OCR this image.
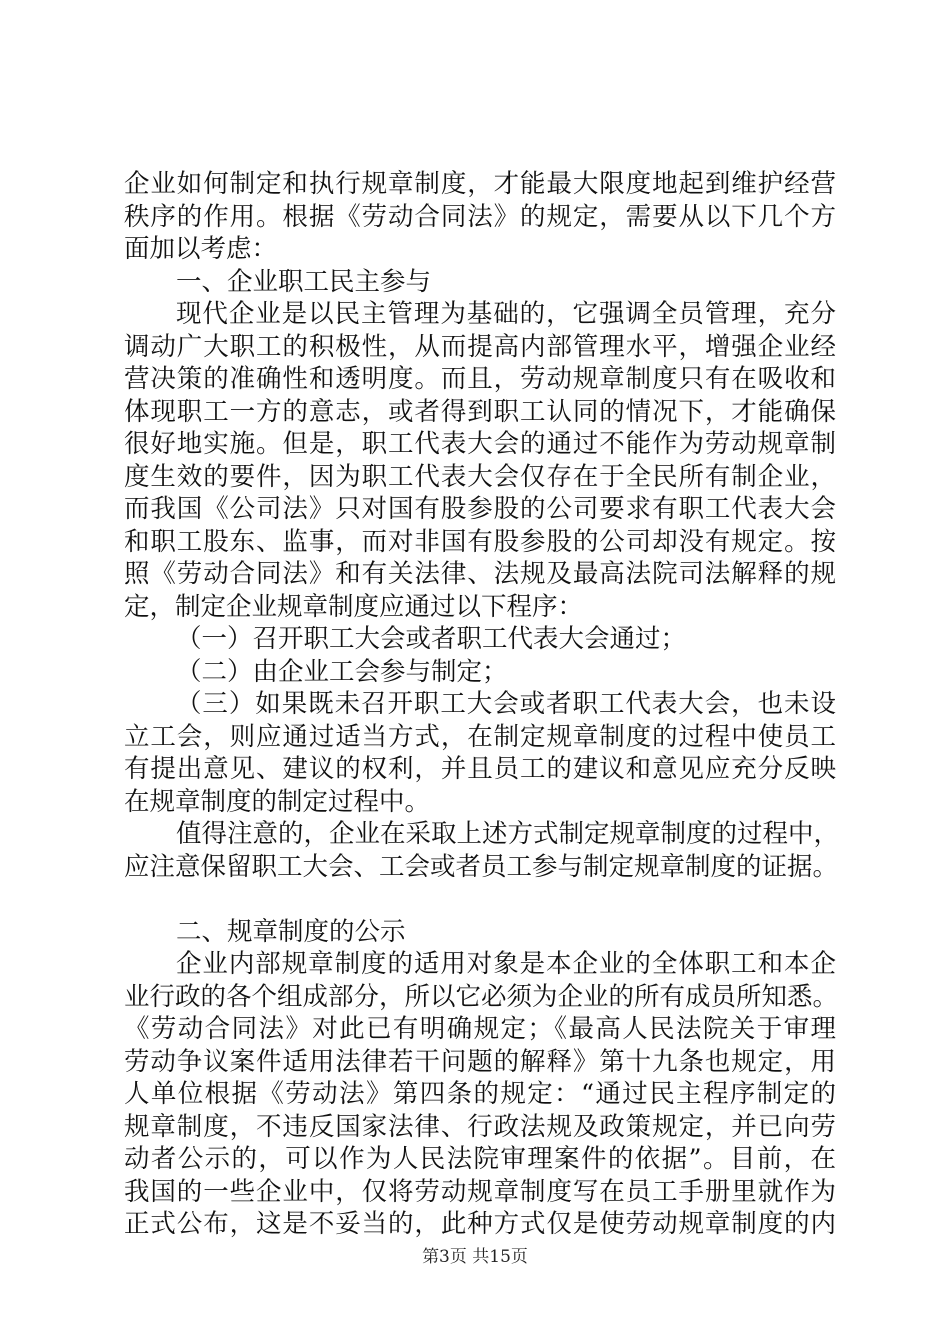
企业如何制定和执行规章制度，才能最大限度地起到维护经营
秩序的作用。根据《劳动合同法》的规定，需要从以下几个方
面加以考虑：
一、企业职工民主参与
现代企业是以民主管理为基础的，它强调全员管理，充分
调动广大职工的积极性，从而提高内部管理水平，增强企业经
营决策的准确性和透明度。而且，劳动规章制度只有在吸收和
体现职工一方的意志，或者得到职工认同的情况下，才能确保
很好地实施。但是，职工代表大会的通过不能作为劳动规章制
度生效的要件，因为职工代表大会仅存在于全民所有制企业，
而我国《公司法》只对国有股参股的公司要求有职工代表大会
和职工股东、监事，而对非国有股参股的公司却没有规定。按
照《劳动合同法》和有关法律、法规及最高法院司法解释的规
定，制定企业规章制度应通过以下程序：
（一）召开职工大会或者职工代表大会通过；
（二）由企业工会参与制定；
（三）如果既未召开职工大会或者职工代表大会，也未设
立工会，则应通过适当方式，在制定规章制度的过程中使员工
有提出意见、建议的权利，并且员工的建议和意见应充分反映
在规章制度的制定过程中。
值得注意的，企业在采取上述方式制定规章制度的过程中，
应注意保留职工大会、工会或者员工参与制定规章制度的证据。
二、规章制度的公示
企业内部规章制度的适用对象是本企业的全体职工和本企
业行政的各个组成部分，所以它必须为企业的所有成员所知悉。
《劳动合同法》对此已有明确规定；《最高人民法院关于审理
劳动争议案件适用法律若干问题的解释》第十九条也规定，用
人单位根据《劳动法》第四条的规定：“通过民主程序制定的
规章制度，不违反国家法律、行政法规及政策规定，并已向劳
动者公示的，可以作为人民法院审理案件的依据”。目前，在
我国的一些企业中，仅将劳动规章制度写在员工手册里就作为
正式公布，这是不妥当的，此种方式仅是使劳动规章制度的内
第3页 共15页
